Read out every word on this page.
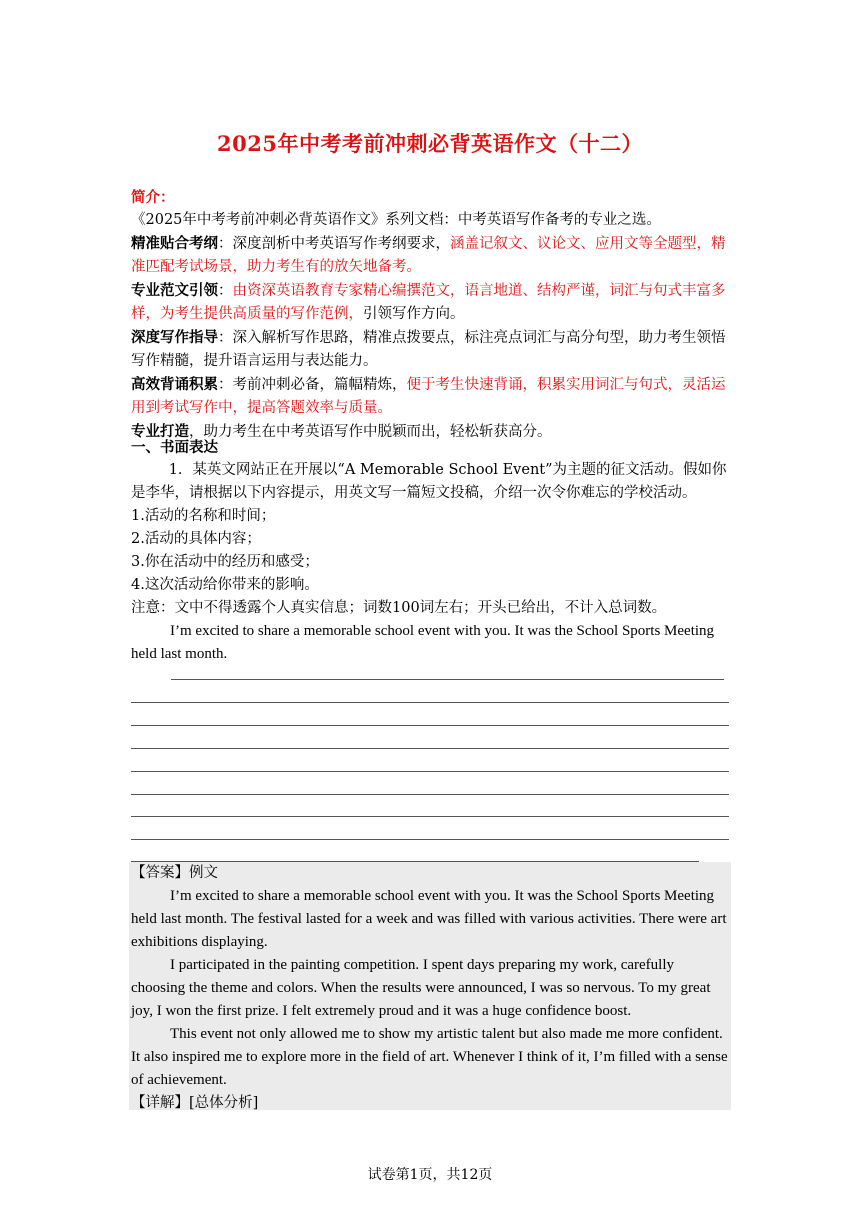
2025年中考考前冲刺必背英语作文（十二）

简介：

《2025年中考考前冲刺必背英语作文》系列文档：中考英语写作备考的专业之选。

精准贴合考纲：深度剖析中考英语写作考纲要求，涵盖记叙文、议论文、应用文等全题型，精准匹配考试场景，助力考生有的放矢地备考。

专业范文引领：由资深英语教育专家精心编撰范文，语言地道、结构严谨，词汇与句式丰富多样，为考生提供高质量的写作范例，引领写作方向。

深度写作指导：深入解析写作思路，精准点拨要点，标注亮点词汇与高分句型，助力考生领悟写作精髓，提升语言运用与表达能力。

高效背诵积累：考前冲刺必备，篇幅精炼，便于考生快速背诵，积累实用词汇与句式，灵活运用到考试写作中，提高答题效率与质量。

专业打造，助力考生在中考英语写作中脱颖而出，轻松斩获高分。

一、书面表达

1．某英文网站正在开展以“A Memorable School Event”为主题的征文活动。假如你是李华，请根据以下内容提示，用英文写一篇短文投稿，介绍一次令你难忘的学校活动。

1.活动的名称和时间；

2.活动的具体内容；

3.你在活动中的经历和感受；

4.这次活动给你带来的影响。

注意：文中不得透露个人真实信息；词数100词左右；开头已给出，不计入总词数。

I’m excited to share a memorable school event with you. It was the School Sports Meeting held last month.

【答案】例文

I’m excited to share a memorable school event with you. It was the School Sports Meeting held last month. The festival lasted for a week and was filled with various activities. There were art exhibitions displaying.

I participated in the painting competition. I spent days preparing my work, carefully choosing the theme and colors. When the results were announced, I was so nervous. To my great joy, I won the first prize. I felt extremely proud and it was a huge confidence boost.

This event not only allowed me to show my artistic talent but also made me more confident. It also inspired me to explore more in the field of art. Whenever I think of it, I’m filled with a sense of achievement.

【详解】[总体分析]

试卷第1页，共12页
